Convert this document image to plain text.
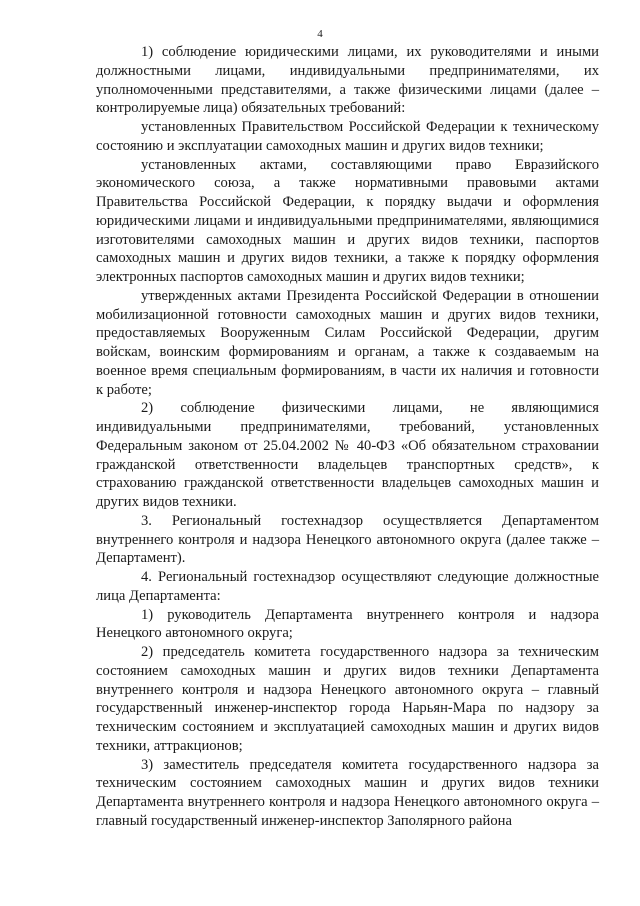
4

1) соблюдение юридическими лицами, их руководителями и иными должностными лицами, индивидуальными предпринимателями, их уполномоченными представителями, а также физическими лицами (далее – контролируемые лица) обязательных требований:

установленных Правительством Российской Федерации к техническому состоянию и эксплуатации самоходных машин и других видов техники;

установленных актами, составляющими право Евразийского экономического союза, а также нормативными правовыми актами Правительства Российской Федерации, к порядку выдачи и оформления юридическими лицами и индивидуальными предпринимателями, являющимися изготовителями самоходных машин и других видов техники, паспортов самоходных машин и других видов техники, а также к порядку оформления электронных паспортов самоходных машин и других видов техники;

утвержденных актами Президента Российской Федерации в отношении мобилизационной готовности самоходных машин и других видов техники, предоставляемых Вооруженным Силам Российской Федерации, другим войскам, воинским формированиям и органам, а также к создаваемым на военное время специальным формированиям, в части их наличия и готовности к работе;

2) соблюдение физическими лицами, не являющимися индивидуальными предпринимателями, требований, установленных Федеральным законом от 25.04.2002 № 40-ФЗ «Об обязательном страховании гражданской ответственности владельцев транспортных средств», к страхованию гражданской ответственности владельцев самоходных машин и других видов техники.

3. Региональный гостехнадзор осуществляется Департаментом внутреннего контроля и надзора Ненецкого автономного округа (далее также – Департамент).

4. Региональный гостехнадзор осуществляют следующие должностные лица Департамента:

1) руководитель Департамента внутреннего контроля и надзора Ненецкого автономного округа;

2) председатель комитета государственного надзора за техническим состоянием самоходных машин и других видов техники Департамента внутреннего контроля и надзора Ненецкого автономного округа – главный государственный инженер-инспектор города Нарьян-Мара по надзору за техническим состоянием и эксплуатацией самоходных машин и других видов техники, аттракционов;

3) заместитель председателя комитета государственного надзора за техническим состоянием самоходных машин и других видов техники Департамента внутреннего контроля и надзора Ненецкого автономного округа – главный государственный инженер-инспектор Заполярного района
